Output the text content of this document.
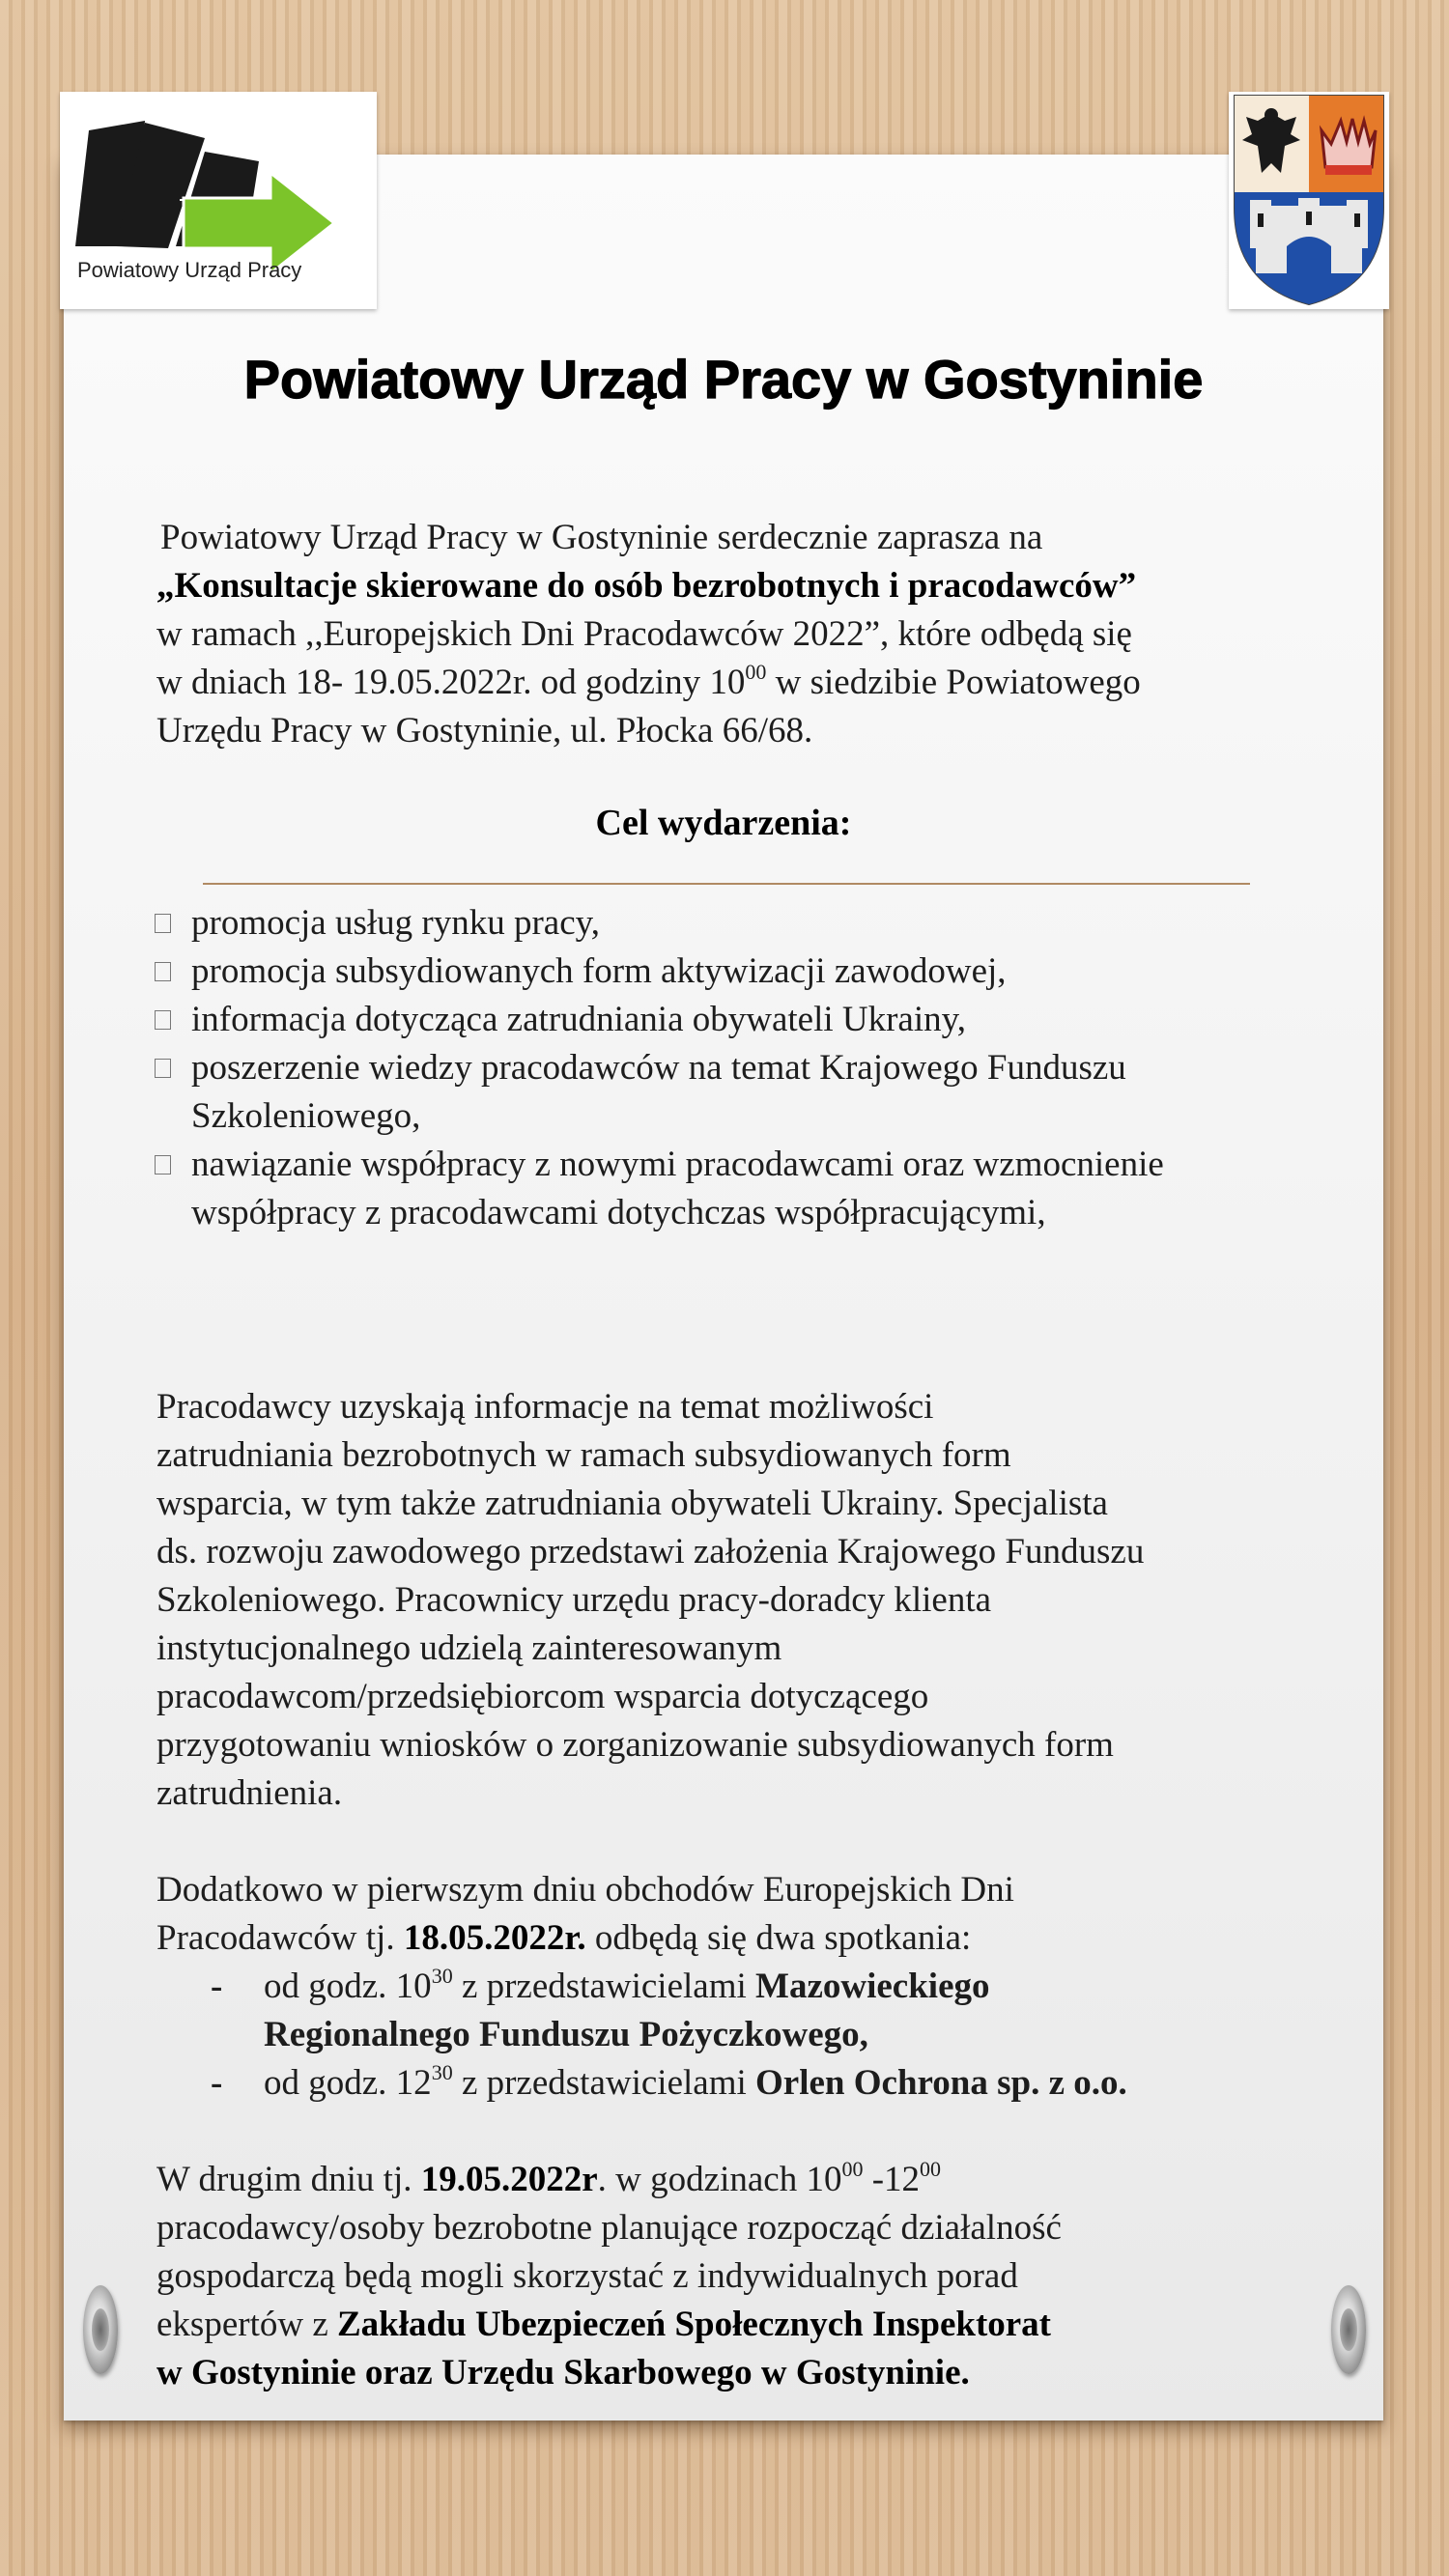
Powiatowy Urząd Pracy
Powiatowy Urząd Pracy w Gostyninie
Powiatowy Urząd Pracy w Gostyninie serdecznie zaprasza na
„Konsultacje skierowane do osób bezrobotnych i pracodawców”
w ramach ,,Europejskich Dni Pracodawców 2022”, które odbędą się
w dniach 18- 19.05.2022r. od godziny $10^{00}$ w siedzibie Powiatowego
Urzędu Pracy w Gostyninie, ul. Płocka 66/68.
Cel wydarzenia:
promocja usług rynku pracy,
promocja subsydiowanych form aktywizacji zawodowej,
informacja dotycząca zatrudniania obywateli Ukrainy,
poszerzenie wiedzy pracodawców na temat Krajowego Funduszu Szkoleniowego,
nawiązanie współpracy z nowymi pracodawcami oraz wzmocnienie współpracy z pracodawcami dotychczas współpracującymi,
Pracodawcy uzyskają informacje na temat możliwości
zatrudniania bezrobotnych w ramach subsydiowanych form
wsparcia, w tym także zatrudniania obywateli Ukrainy. Specjalista
ds. rozwoju zawodowego przedstawi założenia Krajowego Funduszu
Szkoleniowego. Pracownicy urzędu pracy-doradcy klienta
instytucjonalnego udzielą zainteresowanym
pracodawcom/przedsiębiorcom wsparcia dotyczącego
przygotowaniu wniosków o zorganizowanie subsydiowanych form
zatrudnienia.
Dodatkowo w pierwszym dniu obchodów Europejskich Dni
Pracodawców tj. 18.05.2022r. odbędą się dwa spotkania:
- od godz. $10^{30}$ z przedstawicielami Mazowieckiego
Regionalnego Funduszu Pożyczkowego,
- od godz. $12^{30}$ z przedstawicielami Orlen Ochrona sp. z o.o.
W drugim dniu tj. 19.05.2022r. w godzinach $10^{00}$ $-12^{00}$
pracodawcy/osoby bezrobotne planujące rozpocząć działalność
gospodarczą będą mogli skorzystać z indywidualnych porad
ekspertów z Zakładu Ubezpieczeń Społecznych Inspektorat
w Gostyninie oraz Urzędu Skarbowego w Gostyninie.
